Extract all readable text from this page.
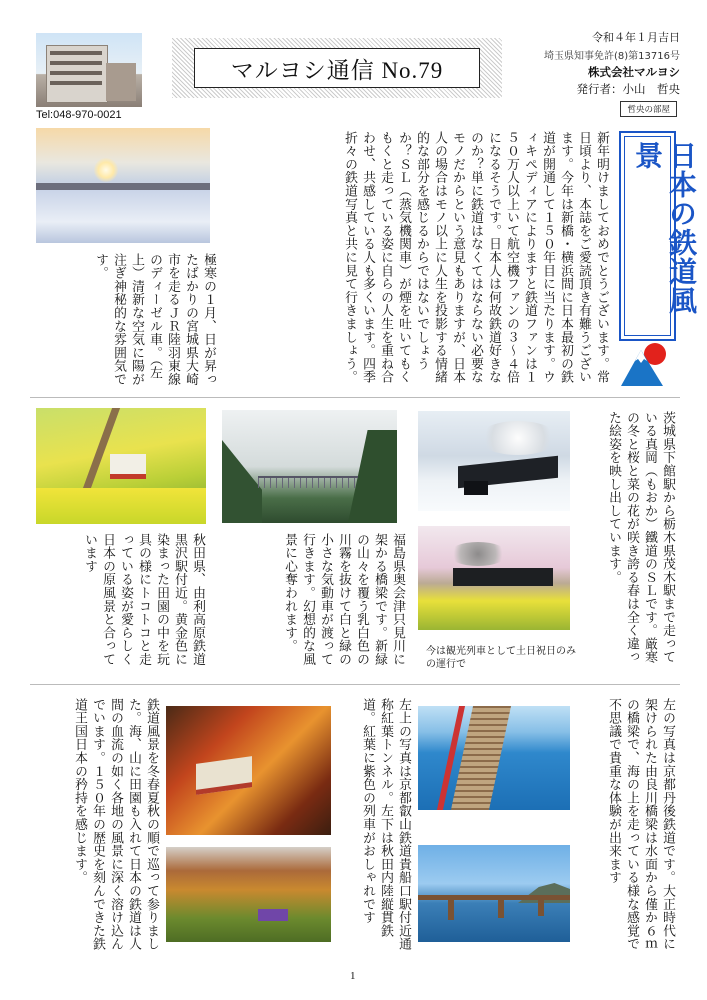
Tel:048-970-0021
マルヨシ通信 No.79
令和４年１月吉日
埼玉県知事免許(8)第13716号
株式会社マルヨシ
発行者：小山　哲央
哲央の部屋
日本の鉄道風景
新年明けましておめでとうございます。常日頃より、本誌をご愛読頂き有難うございます。今年は新橋・横浜間に日本最初の鉄道が開通して１５０年目に当たります。ウィキペディアによりますと鉄道ファンは１５０万人以上いて航空機ファンの３～４倍になるそうです。日本人は何故鉄道好きなのか？単に鉄道はなくてはならない必要なモノだからという意見もありますが、日本人の場合はモノ以上に人生を投影する情緒的な部分を感じるからではないでしょうか？ＳＬ（蒸気機関車）が煙を吐いてもくもくと走っている姿に自らの人生を重ね合わせ、共感している人も多くいます。四季折々の鉄道写真と共に見て行きましょう。
極寒の１月、日が昇ったばかりの宮城県大崎市を走るＪＲ陸羽東線のディーゼル車。（左上）清新な空気に陽が注ぎ神秘的な雰囲気です。
今は観光列車として土日祝日のみの運行で
茨城県下館駅から栃木県茂木駅まで走っている真岡（もおか）鐵道のＳＬです。厳寒の冬と桜と菜の花が咲き誇る春は全く違った絵姿を映し出しています。
福島県奥会津只見川に架かる橋梁です。新緑の山々を覆う乳白色の川霧を抜けて白と緑の小さな気動車が渡って行きます。幻想的な風景に心奪われます。
秋田県、由利高原鉄道黒沢駅付近。黄金色に染まった田園の中を玩具の様にトコトコと走っている姿が愛らしく日本の原風景と合っています
左の写真は京都丹後鉄道です。大正時代に架けられた由良川橋梁は水面から僅か６ｍの橋梁で、海の上を走っている様な感覚で不思議で貴重な体験が出来ます
左上の写真は京都叡山鉄道貴船口駅付近通称紅葉トンネル。左下は秋田内陸縦貫鉄道。紅葉に紫色の列車がおしゃれです
鉄道風景を冬春夏秋の順で巡って参りました。海、山に田園も入れて日本の鉄道は人間の血流の如く各地の風景に深く溶け込んでいます。１５０年の歴史を刻んできた鉄道王国日本の矜持を感じます。
1
